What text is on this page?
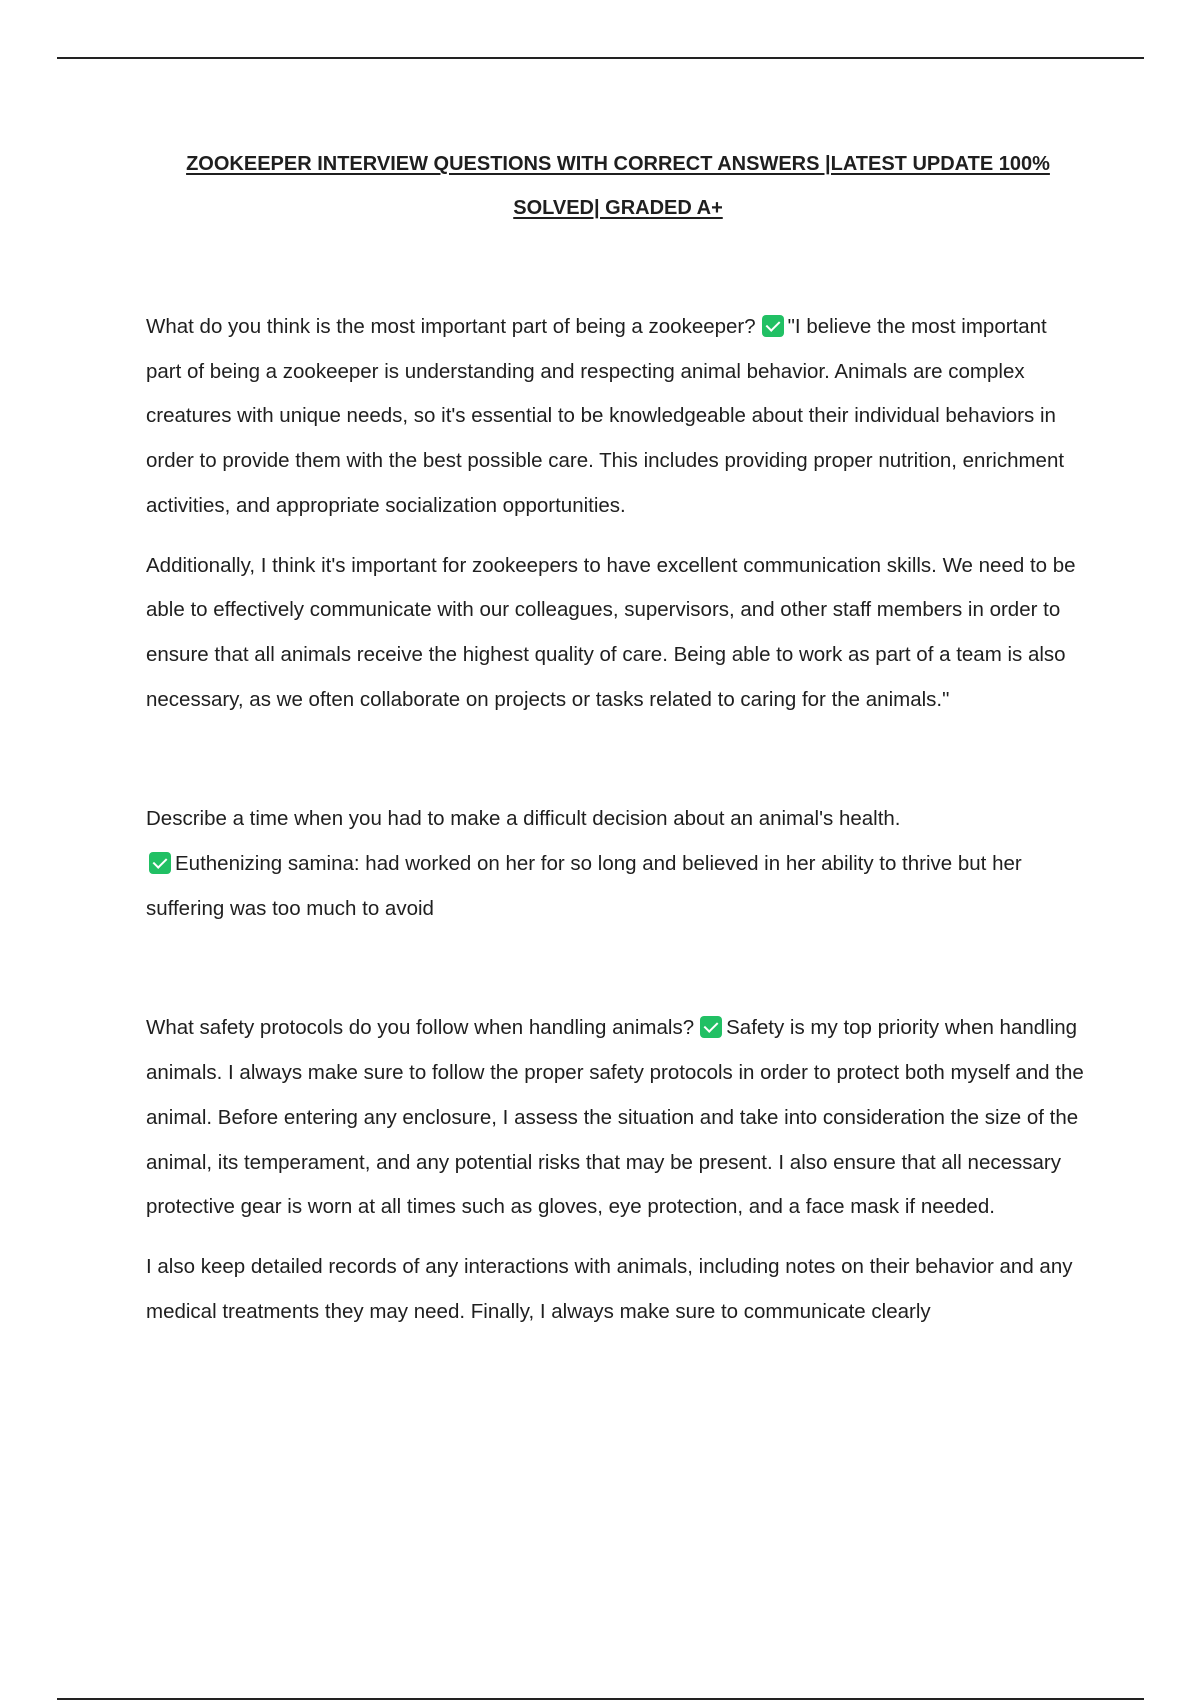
ZOOKEEPER INTERVIEW QUESTIONS WITH CORRECT ANSWERS |LATEST UPDATE 100%
SOLVED| GRADED A+

What do you think is the most important part of being a zookeeper? "I believe the most important part of being a zookeeper is understanding and respecting animal behavior. Animals are complex creatures with unique needs, so it's essential to be knowledgeable about their individual behaviors in order to provide them with the best possible care. This includes providing proper nutrition, enrichment activities, and appropriate socialization opportunities.

Additionally, I think it's important for zookeepers to have excellent communication skills. We need to be able to effectively communicate with our colleagues, supervisors, and other staff members in order to ensure that all animals receive the highest quality of care. Being able to work as part of a team is also necessary, as we often collaborate on projects or tasks related to caring for the animals."

Describe a time when you had to make a difficult decision about an animal's health.
Euthenizing samina: had worked on her for so long and believed in her ability to thrive but her suffering was too much to avoid

What safety protocols do you follow when handling animals? Safety is my top priority when handling animals. I always make sure to follow the proper safety protocols in order to protect both myself and the animal. Before entering any enclosure, I assess the situation and take into consideration the size of the animal, its temperament, and any potential risks that may be present. I also ensure that all necessary protective gear is worn at all times such as gloves, eye protection, and a face mask if needed.

I also keep detailed records of any interactions with animals, including notes on their behavior and any medical treatments they may need. Finally, I always make sure to communicate clearly
